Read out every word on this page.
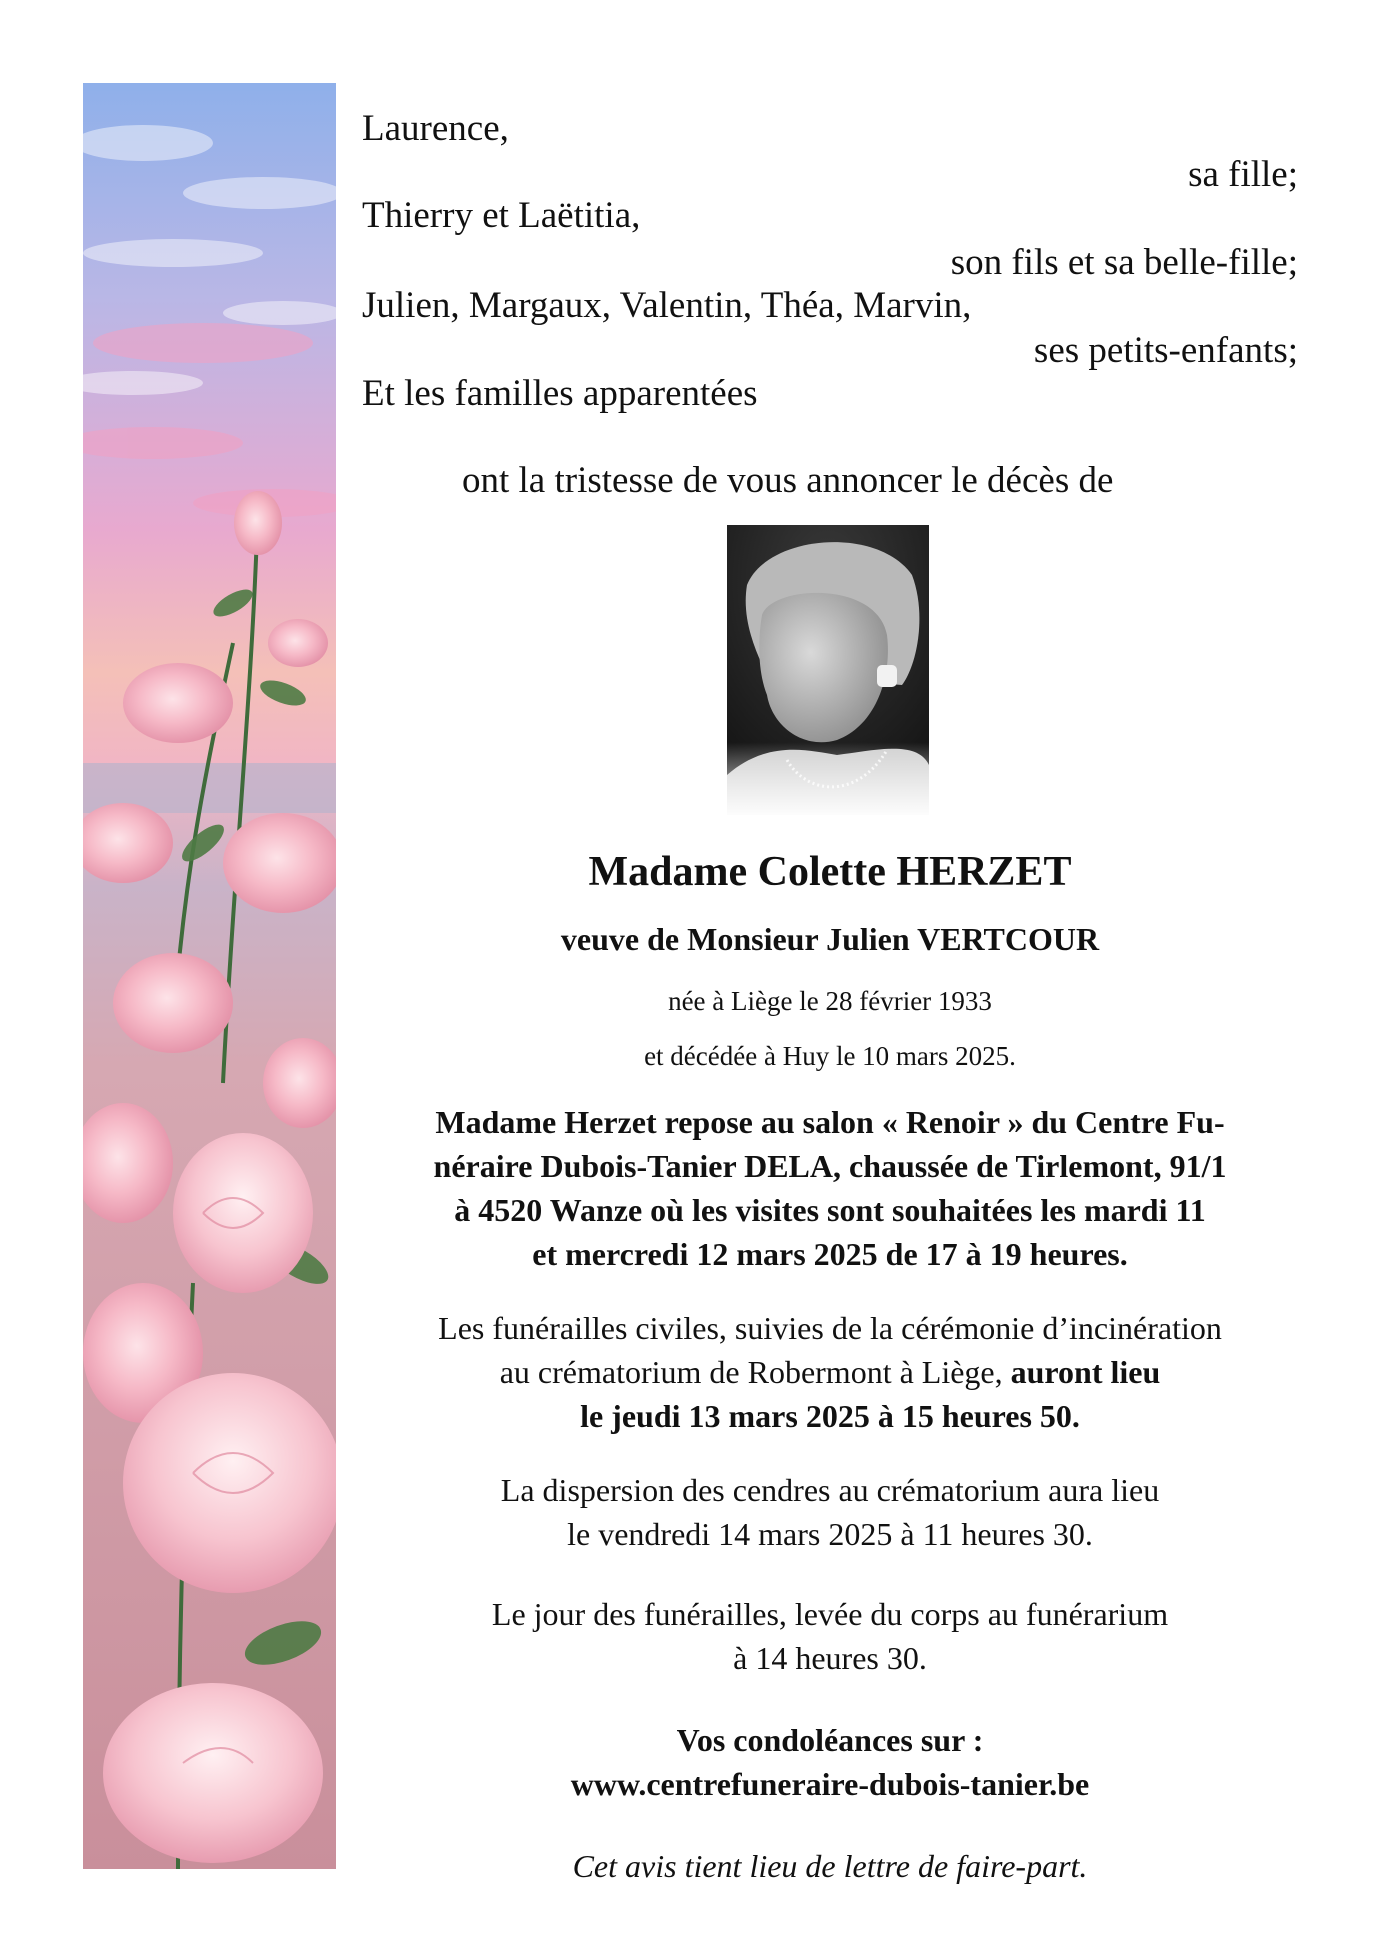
Laurence,

sa fille;

Thierry et Laëtitia,

son fils et sa belle-fille;

Julien, Margaux, Valentin, Théa, Marvin,

ses petits-enfants;

Et les familles apparentées

ont la tristesse de vous annoncer le décès de

Madame Colette HERZET

veuve de Monsieur Julien VERTCOUR

née à Liège le 28 février 1933

et décédée à Huy le 10 mars 2025.

Madame Herzet repose au salon « Renoir » du Centre Fu-

néraire Dubois-Tanier DELA, chaussée de Tirlemont, 91/1

à 4520 Wanze où les visites sont souhaitées les mardi 11

et mercredi 12 mars 2025 de 17 à 19 heures.

Les funérailles civiles, suivies de la cérémonie d’incinération

au crématorium de Robermont à Liège, auront lieu

le jeudi 13 mars 2025 à 15 heures 50.

La dispersion des cendres au crématorium aura lieu

le vendredi 14 mars 2025 à 11 heures 30.

Le jour des funérailles, levée du corps au funérarium

à 14 heures 30.

Vos condoléances sur :

www.centrefuneraire-dubois-tanier.be

Cet avis tient lieu de lettre de faire-part.
